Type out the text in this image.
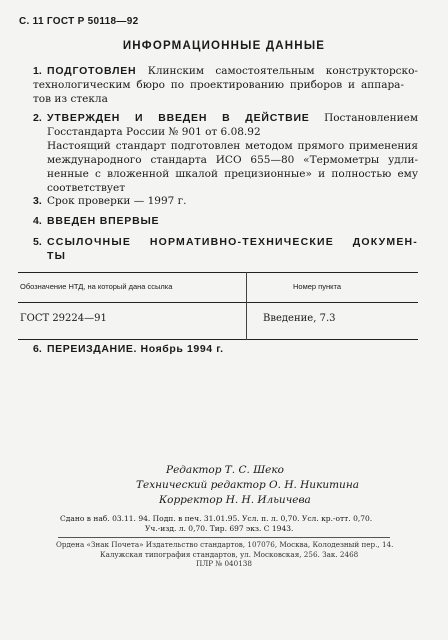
С. 11 ГОСТ Р 50118—92
ИНФОРМАЦИОННЫЕ ДАННЫЕ
1. ПОДГОТОВЛЕН Клинским самостоятельным конструкторско-
технологическим бюро по проектированию приборов и аппара-
тов из стекла
2. УТВЕРЖДЕН И ВВЕДЕН В ДЕЙСТВИЕ Постановлением
Госстандарта России № 901 от 6.08.92
Настоящий стандарт подготовлен методом прямого применения
международного стандарта ИСО 655—80 «Термометры удли-
ненные с вложенной шкалой прецизионные» и полностью ему
соответствует
3. Срок проверки — 1997 г.
4. ВВЕДЕН ВПЕРВЫЕ
5. ССЫЛОЧНЫЕ НОРМАТИВНО-ТЕХНИЧЕСКИЕ ДОКУМЕН-
ТЫ
Обозначение НТД, на который дана ссылка	Номер пункта
ГОСТ 29224—91	Введение, 7.3
6. ПЕРЕИЗДАНИЕ. Ноябрь 1994 г.
Редактор Т. С. Шеко
Технический редактор О. Н. Никитина
Корректор Н. Н. Ильичева
Сдано в наб. 03.11. 94. Подп. в печ. 31.01.95. Усл. п. л. 0,70. Усл. кр.-отт. 0,70.
Уч.-изд. л. 0,70. Тир. 697 экз. С 1943.
Ордена «Знак Почета» Издательство стандартов, 107076, Москва, Колодезный пер., 14.
Калужская типография стандартов, ул. Московская, 256. Зак. 2468
ПЛР № 040138
